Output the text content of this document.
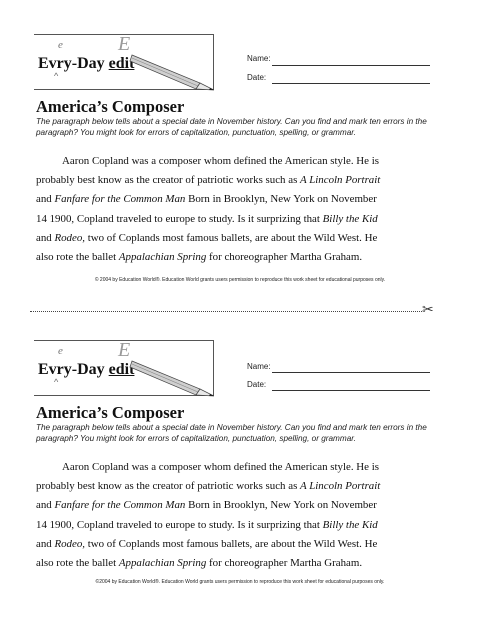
e	E
Evry-Day edit
^
Name:
Date:
America’s Composer
The paragraph below tells about a special date in November history. Can you find and mark ten errors in the paragraph? You might look for errors of capitalization, punctuation, spelling, or grammar.

Aaron Copland was a composer whom defined the American style. He is
probably best know as the creator of patriotic works such as A Lincoln Portrait
and Fanfare for the Common Man Born in Brooklyn, New York on November
14 1900, Copland traveled to europe to study. Is it surprizing that Billy the Kid
and Rodeo, two of Coplands most famous ballets, are about the Wild West. He
also rote the ballet Appalachian Spring for choreographer Martha Graham.

© 2004 by Education World®. Education World grants users permission to reproduce this work sheet for educational purposes only.
✂
e	E
Evry-Day edit
^
Name:
Date:
America’s Composer
The paragraph below tells about a special date in November history. Can you find and mark ten errors in the paragraph? You might look for errors of capitalization, punctuation, spelling, or grammar.

Aaron Copland was a composer whom defined the American style. He is
probably best know as the creator of patriotic works such as A Lincoln Portrait
and Fanfare for the Common Man Born in Brooklyn, New York on November
14 1900, Copland traveled to europe to study. Is it surprizing that Billy the Kid
and Rodeo, two of Coplands most famous ballets, are about the Wild West. He
also rote the ballet Appalachian Spring for choreographer Martha Graham.

©2004 by Education World®. Education World grants users permission to reproduce this work sheet for educational purposes only.
